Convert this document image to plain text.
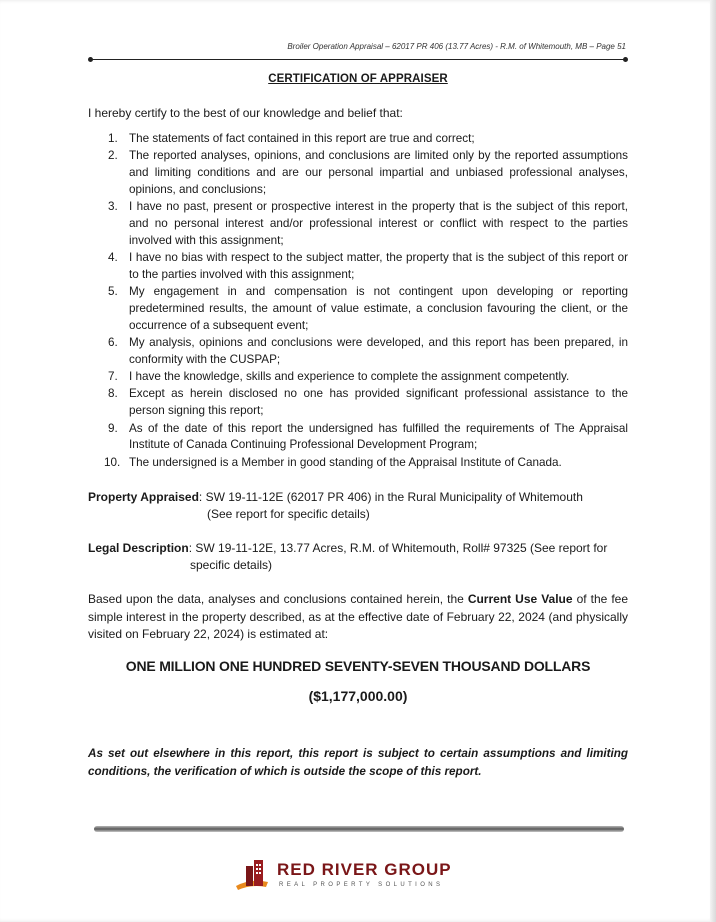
Broiler Operation Appraisal – 62017 PR 406 (13.77 Acres) - R.M. of Whitemouth, MB – Page 51
CERTIFICATION OF APPRAISER
I hereby certify to the best of our knowledge and belief that:
1. The statements of fact contained in this report are true and correct;
2. The reported analyses, opinions, and conclusions are limited only by the reported assumptions and limiting conditions and are our personal impartial and unbiased professional analyses, opinions, and conclusions;
3. I have no past, present or prospective interest in the property that is the subject of this report, and no personal interest and/or professional interest or conflict with respect to the parties involved with this assignment;
4. I have no bias with respect to the subject matter, the property that is the subject of this report or to the parties involved with this assignment;
5. My engagement in and compensation is not contingent upon developing or reporting predetermined results, the amount of value estimate, a conclusion favouring the client, or the occurrence of a subsequent event;
6. My analysis, opinions and conclusions were developed, and this report has been prepared, in conformity with the CUSPAP;
7. I have the knowledge, skills and experience to complete the assignment competently.
8. Except as herein disclosed no one has provided significant professional assistance to the person signing this report;
9. As of the date of this report the undersigned has fulfilled the requirements of The Appraisal Institute of Canada Continuing Professional Development Program;
10. The undersigned is a Member in good standing of the Appraisal Institute of Canada.
Property Appraised: SW 19-11-12E (62017 PR 406) in the Rural Municipality of Whitemouth
(See report for specific details)
Legal Description: SW 19-11-12E, 13.77 Acres, R.M. of Whitemouth, Roll# 97325 (See report for
specific details)
Based upon the data, analyses and conclusions contained herein, the Current Use Value of the fee simple interest in the property described, as at the effective date of February 22, 2024 (and physically visited on February 22, 2024) is estimated at:
ONE MILLION ONE HUNDRED SEVENTY-SEVEN THOUSAND DOLLARS
($1,177,000.00)
As set out elsewhere in this report, this report is subject to certain assumptions and limiting conditions, the verification of which is outside the scope of this report.
RED RIVER GROUP
REAL PROPERTY SOLUTIONS
